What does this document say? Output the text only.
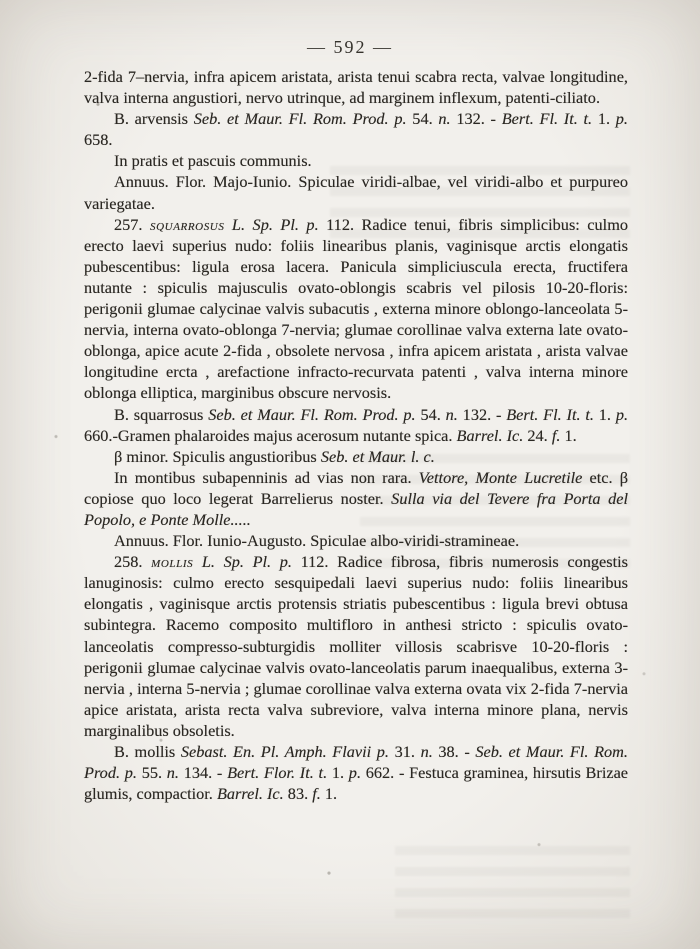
— 592 —

2-fida 7–nervia, infra apicem aristata, arista tenui scabra recta, valvae longitudine, valva interna angustiori, nervo utrinque, ad marginem inflexum, patenti-ciliato.

B. arvensis Seb. et Maur. Fl. Rom. Prod. p. 54. n. 132. - Bert. Fl. It. t. 1. p. 658.

In pratis et pascuis communis.

Annuus. Flor. Majo-Iunio. Spiculae viridi-albae, vel viridi-albo et purpureo variegatae.

257. squarrosus L. Sp. Pl. p. 112. Radice tenui, fibris simplicibus: culmo erecto laevi superius nudo: foliis linearibus planis, vaginisque arctis elongatis pubescentibus: ligula erosa lacera. Panicula simpliciuscula erecta, fructifera nutante : spiculis majusculis ovato-oblongis scabris vel pilosis 10-20-floris: perigonii glumae calycinae valvis subacutis , externa minore oblongo-lanceolata 5-nervia, interna ovato-oblonga 7-nervia; glumae corollinae valva externa late ovato-oblonga, apice acute 2-fida , obsolete nervosa , infra apicem aristata , arista valvae longitudine ercta , arefactione infracto-recurvata patenti , valva interna minore oblonga elliptica, marginibus obscure nervosis.

B. squarrosus Seb. et Maur. Fl. Rom. Prod. p. 54. n. 132. - Bert. Fl. It. t. 1. p. 660.-Gramen phalaroides majus acerosum nutante spica. Barrel. Ic. 24. f. 1.

β minor. Spiculis angustioribus Seb. et Maur. l. c.

In montibus subapenninis ad vias non rara. Vettore, Monte Lucretile etc. β copiose quo loco legerat Barrelierus noster. Sulla via del Tevere fra Porta del Popolo, e Ponte Molle.....

Annuus. Flor. Iunio-Augusto. Spiculae albo-viridi-stramineae.

258. mollis L. Sp. Pl. p. 112. Radice fibrosa, fibris numerosis congestis lanuginosis: culmo erecto sesquipedali laevi superius nudo: foliis linearibus elongatis , vaginisque arctis protensis striatis pubescentibus : ligula brevi obtusa subintegra. Racemo composito multifloro in anthesi stricto : spiculis ovato-lanceolatis compresso-subturgidis molliter villosis scabrisve 10-20-floris : perigonii glumae calycinae valvis ovato-lanceolatis parum inaequalibus, externa 3-nervia , interna 5-nervia ; glumae corollinae valva externa ovata vix 2-fida 7-nervia apice aristata, arista recta valva subreviore, valva interna minore plana, nervis marginalibus obsoletis.

B. mollis Sebast. En. Pl. Amph. Flavii p. 31. n. 38. - Seb. et Maur. Fl. Rom. Prod. p. 55. n. 134. - Bert. Flor. It. t. 1. p. 662. - Festuca graminea, hirsutis Brizae glumis, compactior. Barrel. Ic. 83. f. 1.
